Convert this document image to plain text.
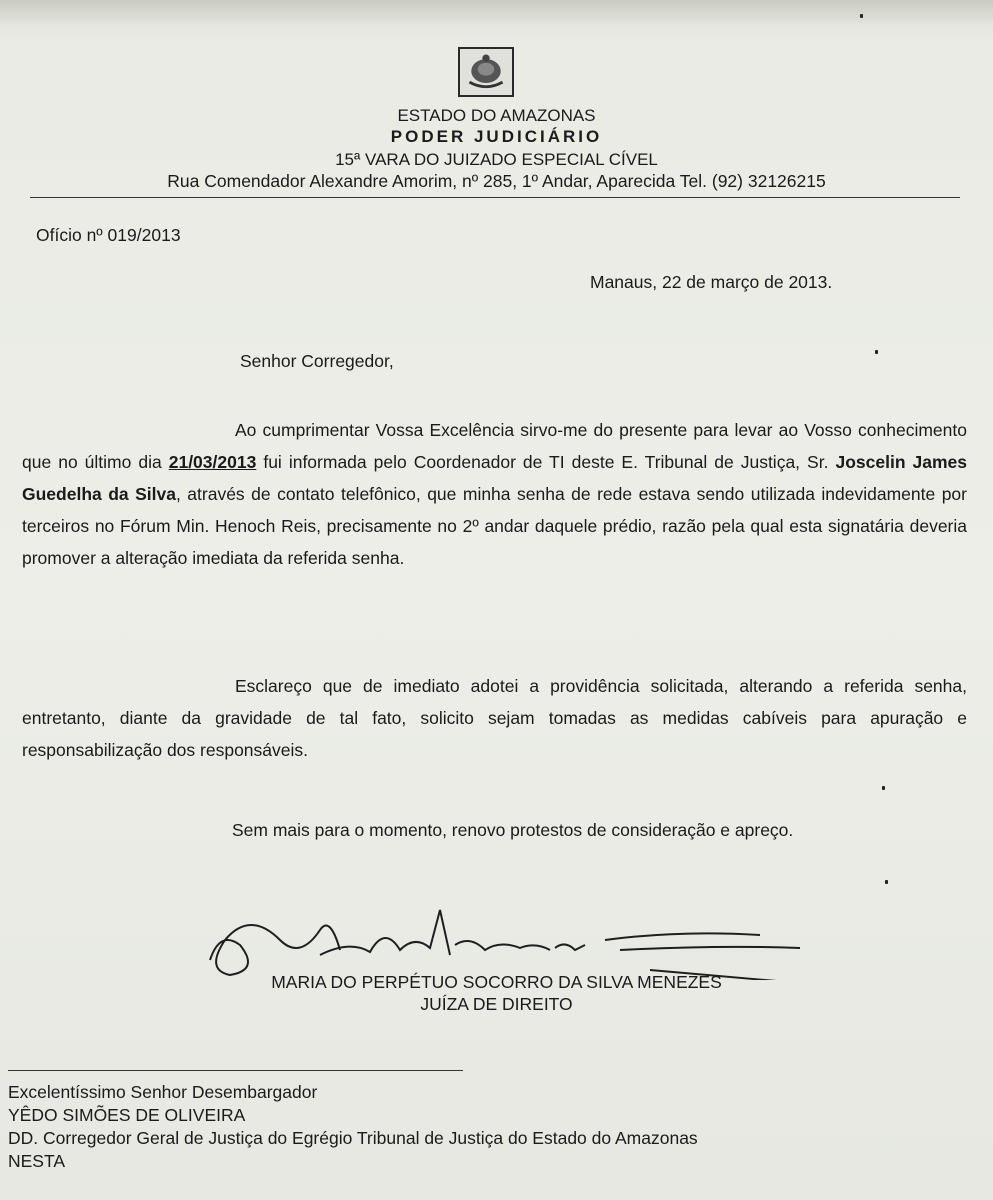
ESTADO DO AMAZONAS
PODER JUDICIÁRIO
15ª VARA DO JUIZADO ESPECIAL CÍVEL
Rua Comendador Alexandre Amorim, nº 285, 1º Andar, Aparecida Tel. (92) 32126215
Ofício nº 019/2013
Manaus, 22 de março de 2013.
Senhor Corregedor,

Ao cumprimentar Vossa Excelência sirvo-me do presente para levar ao Vosso conhecimento que no último dia 21/03/2013 fui informada pelo Coordenador de TI deste E. Tribunal de Justiça, Sr. Joscelin James Guedelha da Silva, através de contato telefônico, que minha senha de rede estava sendo utilizada indevidamente por terceiros no Fórum Min. Henoch Reis, precisamente no 2º andar daquele prédio, razão pela qual esta signatária deveria promover a alteração imediata da referida senha.

Esclareço que de imediato adotei a providência solicitada, alterando a referida senha, entretanto, diante da gravidade de tal fato, solicito sejam tomadas as medidas cabíveis para apuração e responsabilização dos responsáveis.

Sem mais para o momento, renovo protestos de consideração e apreço.

MARIA DO PERPÉTUO SOCORRO DA SILVA MENEZES
JUÍZA DE DIREITO
Excelentíssimo Senhor Desembargador
YÊDO SIMÕES DE OLIVEIRA
DD. Corregedor Geral de Justiça do Egrégio Tribunal de Justiça do Estado do Amazonas
NESTA
